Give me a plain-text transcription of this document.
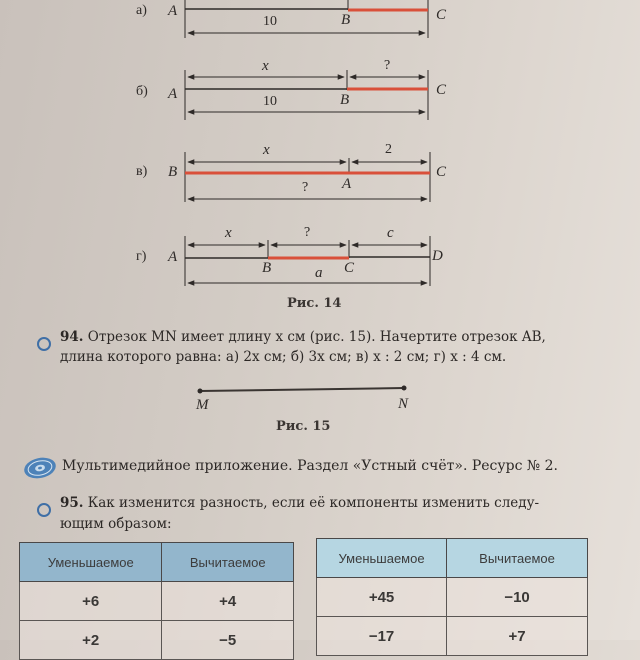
а) A
B	C
10
б) A	B
C
x	?
10
в) B
A
C
x	2
?
г) A
B	C
D
x	?	c
a
Рис. 14
94. Отрезок MN имеет длину x см (рис. 15). Начертите отрезок AB,
длина которого равна: а) 2x см; б) 3x см; в) x : 2 см; г) x : 4 см.
M	N
Рис. 15
Мультимедийное приложение. Раздел «Устный счёт». Ресурс № 2.
95. Как изменится разность, если её компоненты изменить следу-
ющим образом:
Уменьшаемое	Вычитаемое
+6	+4
+2	−5
Уменьшаемое	Вычитаемое
+45	−10
−17	+7
